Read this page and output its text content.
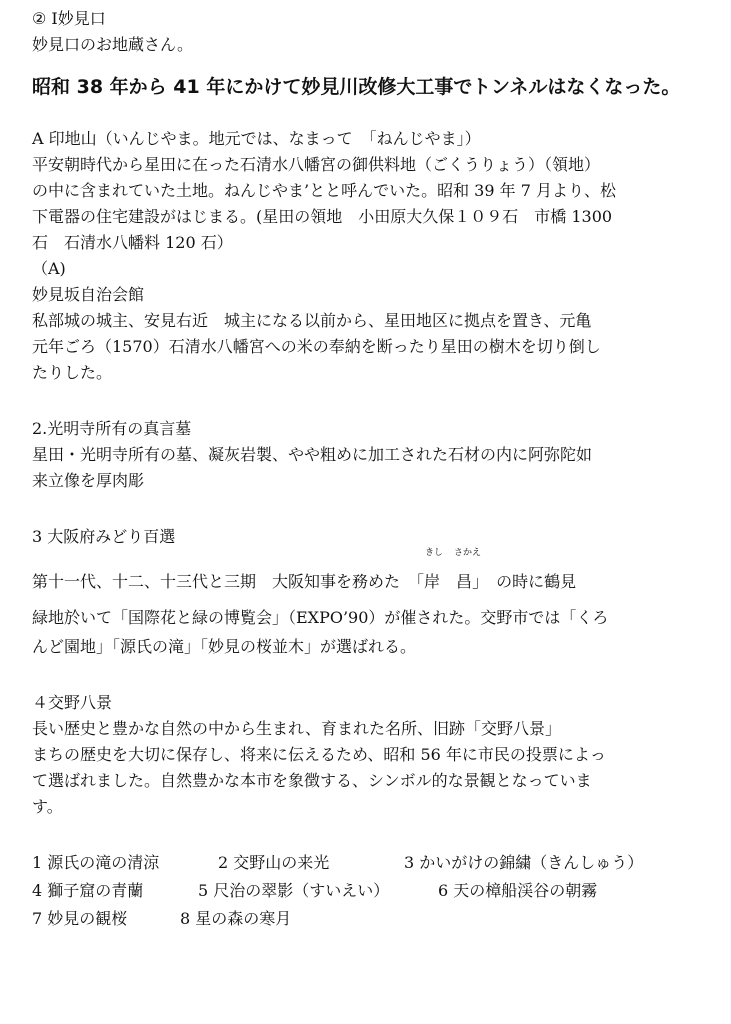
② Ⅰ妙見口
妙見口のお地蔵さん。
昭和 38 年から 41 年にかけて妙見川改修大工事でトンネルはなくなった。
A 印地山（いんじやま。地元では、なまって　「ねんじやま」）
平安朝時代から星田に在った石清水八幡宮の御供料地（ごくうりょう）（領地）
の中に含まれていた土地。ねんじやま’とと呼んでいた。昭和 39 年 7 月より、松
下電器の住宅建設がはじまる。(星田の領地　小田原大久保１０９石　市橋 1300
石　石清水八幡料 120 石）
（A)
妙見坂自治会館
私部城の城主、安見右近　城主になる以前から、星田地区に拠点を置き、元亀
元年ごろ（1570）石清水八幡宮への米の奉納を断ったり星田の樹木を切り倒し
たりした。
2.光明寺所有の真言墓
星田・光明寺所有の墓、凝灰岩製、やや粗めに加工された石材の内に阿弥陀如
来立像を厚肉彫
3 大阪府みどり百選
第十一代、十二、十三代と三期　大阪知事を務めた　「
きし
岸　
さかえ
昌」　の時に鶴見
緑地於いて「国際花と緑の博覧会」（EXPO’90）が催された。交野市では「くろ
んど園地」「源氏の滝」「妙見の桜並木」が選ばれる。
４交野八景
長い歴史と豊かな自然の中から生まれ、育まれた名所、旧跡「交野八景」
まちの歴史を大切に保存し、将来に伝えるため、昭和 56 年に市民の投票によっ
て選ばれました。自然豊かな本市を象徴する、シンボル的な景観となっていま
す。
1 源氏の滝の清涼	2 交野山の来光	3 かいがけの錦繍（きんしゅう）
4 獅子窟の青蘭	5 尺治の翠影（すいえい）	6 天の樟船渓谷の朝霧
7 妙見の観桜	8 星の森の寒月
